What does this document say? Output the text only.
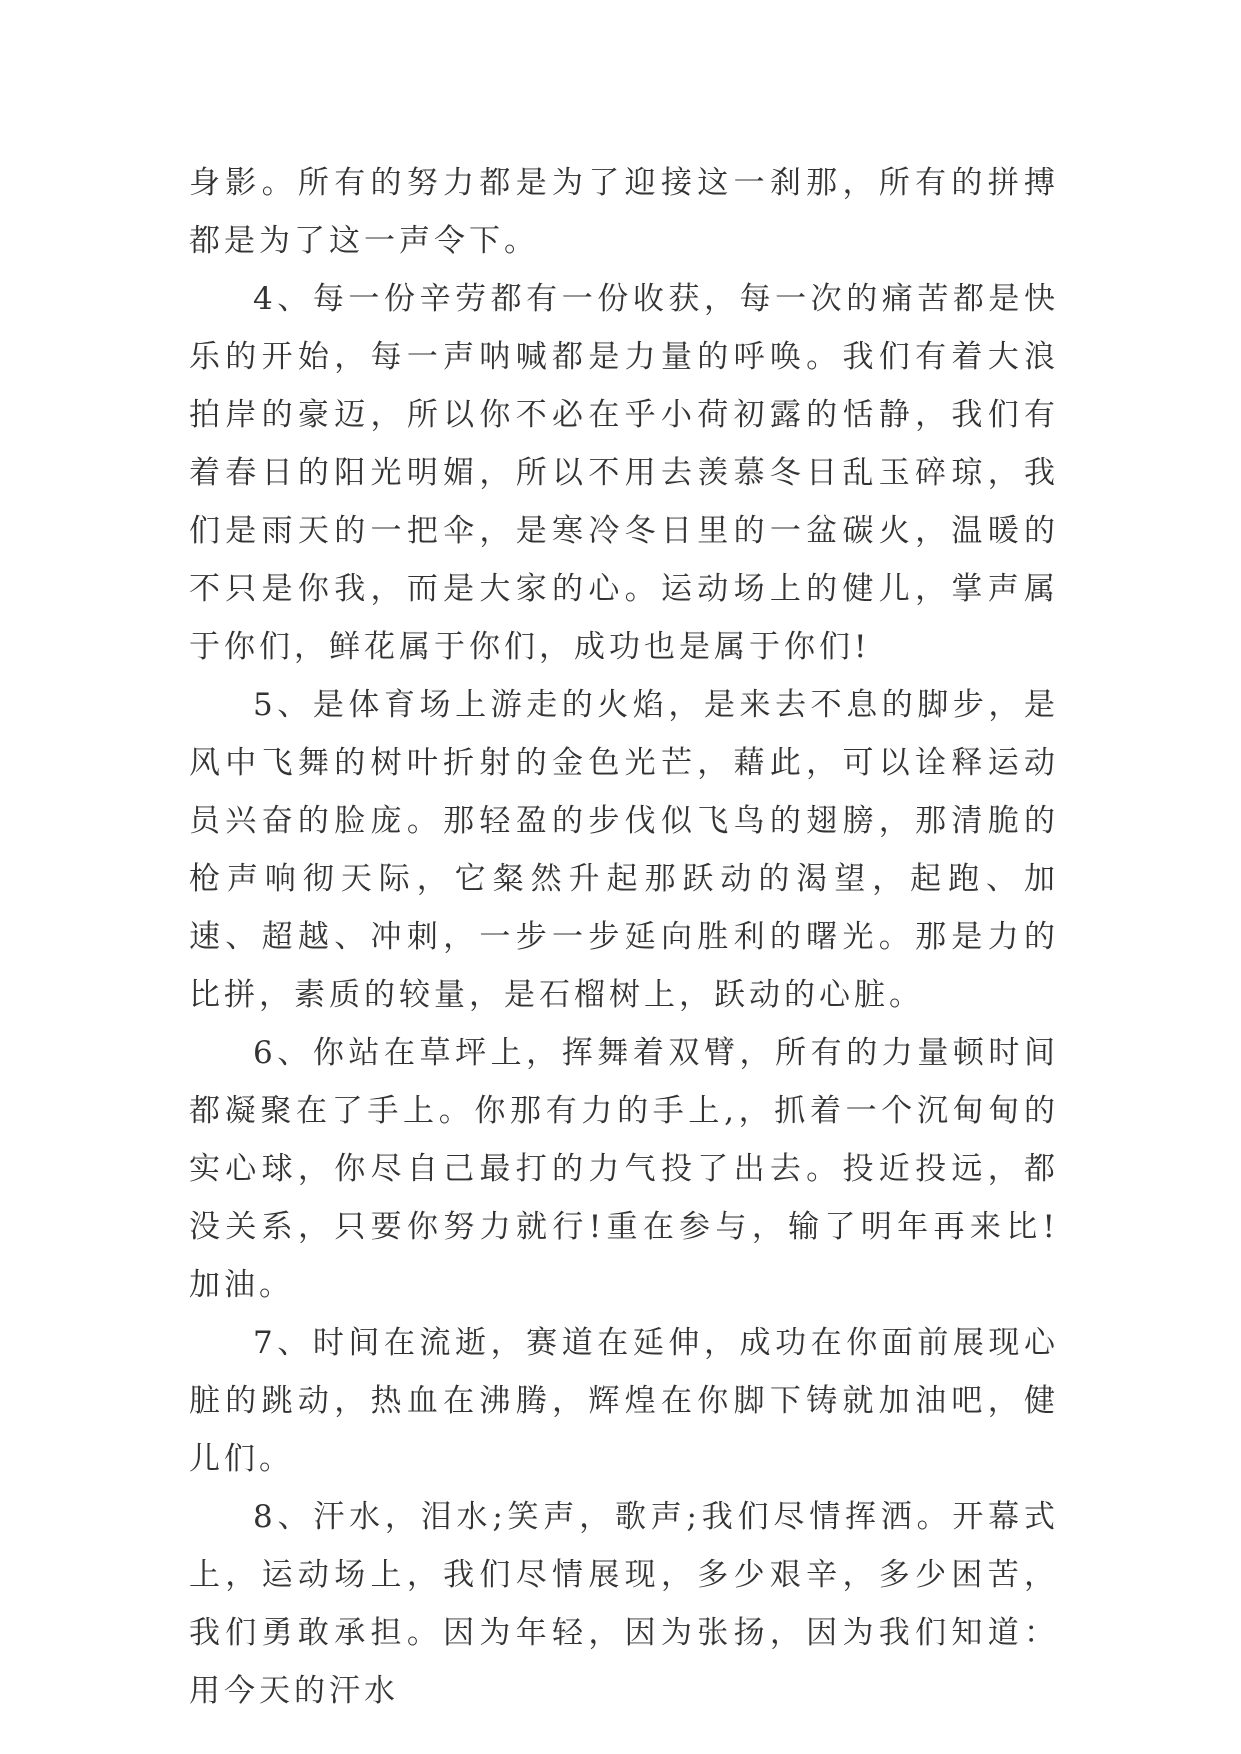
身影。所有的努力都是为了迎接这一刹那，所有的拼搏都是为了这一声令下。

4、每一份辛劳都有一份收获，每一次的痛苦都是快乐的开始，每一声呐喊都是力量的呼唤。我们有着大浪拍岸的豪迈，所以你不必在乎小荷初露的恬静，我们有着春日的阳光明媚，所以不用去羡慕冬日乱玉碎琼，我们是雨天的一把伞，是寒冷冬日里的一盆碳火，温暖的不只是你我，而是大家的心。运动场上的健儿，掌声属于你们，鲜花属于你们，成功也是属于你们!

5、是体育场上游走的火焰，是来去不息的脚步，是风中飞舞的树叶折射的金色光芒，藉此，可以诠释运动员兴奋的脸庞。那轻盈的步伐似飞鸟的翅膀，那清脆的枪声响彻天际，它粲然升起那跃动的渴望，起跑、加速、超越、冲刺，一步一步延向胜利的曙光。那是力的比拼，素质的较量，是石榴树上，跃动的心脏。

6、你站在草坪上，挥舞着双臂，所有的力量顿时间都凝聚在了手上。你那有力的手上,，抓着一个沉甸甸的实心球，你尽自己最打的力气投了出去。投近投远，都没关系，只要你努力就行!重在参与，输了明年再来比!加油。

7、时间在流逝，赛道在延伸，成功在你面前展现心脏的跳动，热血在沸腾，辉煌在你脚下铸就加油吧，健儿们。

8、汗水，泪水;笑声，歌声;我们尽情挥洒。开幕式上，运动场上，我们尽情展现，多少艰辛，多少困苦，我们勇敢承担。因为年轻，因为张扬，因为我们知道：用今天的汗水
